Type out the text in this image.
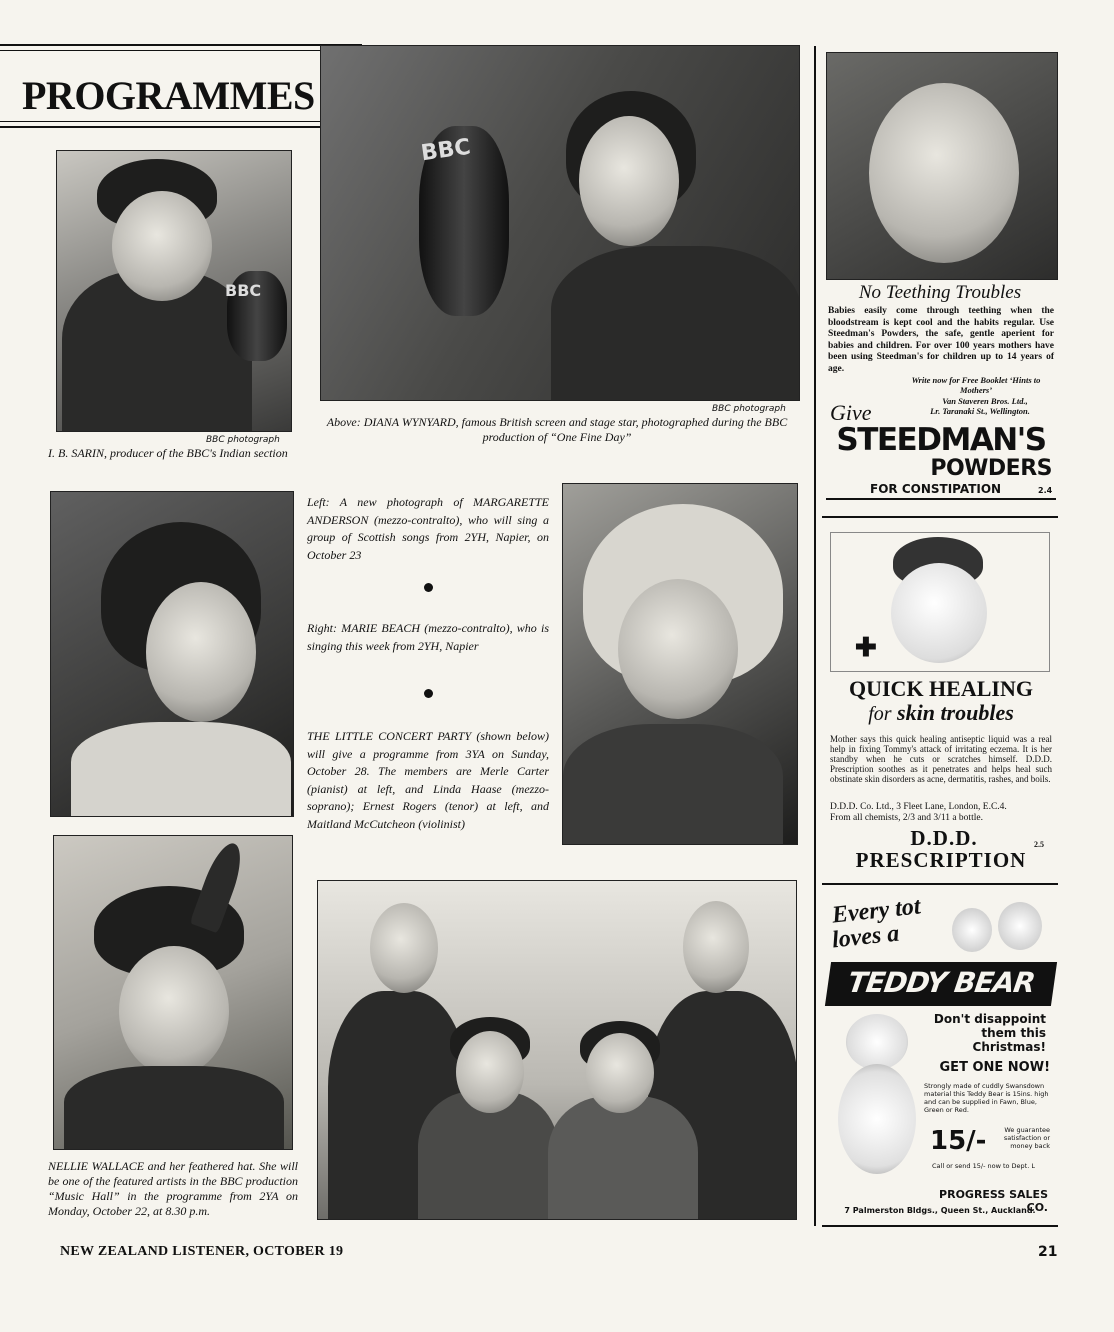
PROGRAMMES
BBC
BBC photograph
Above: DIANA WYNYARD, famous British screen and stage star, photographed during the BBC production of “One Fine Day”
BBC
BBC photograph
I. B. SARIN, producer of the BBC's Indian section
Left: A new photograph of MARGARETTE ANDERSON (mezzo-contralto), who will sing a group of Scottish songs from 2YH, Napier, on October 23
Right: MARIE BEACH (mezzo-contralto), who is singing this week from 2YH, Napier
THE LITTLE CONCERT PARTY (shown below) will give a programme from 3YA on Sunday, October 28. The members are Merle Carter (pianist) at left, and Linda Haase (mezzo-soprano); Ernest Rogers (tenor) at left, and Maitland McCutcheon (violinist)
NELLIE WALLACE and her feathered hat. She will be one of the featured artists in the BBC production “Music Hall” in the programme from 2YA on Monday, October 22, at 8.30 p.m.
No Teething Troubles
Babies easily come through teething when the bloodstream is kept cool and the habits regular. Use Steedman's Powders, the safe, gentle aperient for babies and children. For over 100 years mothers have been using Steedman's for children up to 14 years of age.
Write now for Free Booklet ‘Hints to Mothers’
Van Staveren Bros. Ltd.,
Lr. Taranaki St., Wellington.
Give
STEEDMAN'S
POWDERS
FOR CONSTIPATION	2.4
✚
QUICK HEALING
for skin troubles
Mother says this quick healing antiseptic liquid was a real help in fixing Tommy's attack of irritating eczema. It is her standby when he cuts or scratches himself. D.D.D. Prescription soothes as it penetrates and helps heal such obstinate skin disorders as acne, dermatitis, rashes, and boils.
D.D.D. Co. Ltd., 3 Fleet Lane, London, E.C.4.
From all chemists, 2/3 and 3/11 a bottle.
D.D.D.	2.5
PRESCRIPTION
Every tot
loves a
TEDDY BEAR
Don't disappoint them this Christmas!
GET ONE NOW!
Strongly made of cuddly Swansdown material this Teddy Bear is 15ins. high and can be supplied in Fawn, Blue, Green or Red.
15/-	We guarantee satisfaction or money back
Call or send 15/- now to Dept. L
PROGRESS SALES CO.
7 Palmerston Bldgs., Queen St., Auckland.
NEW ZEALAND LISTENER, OCTOBER 19	21
